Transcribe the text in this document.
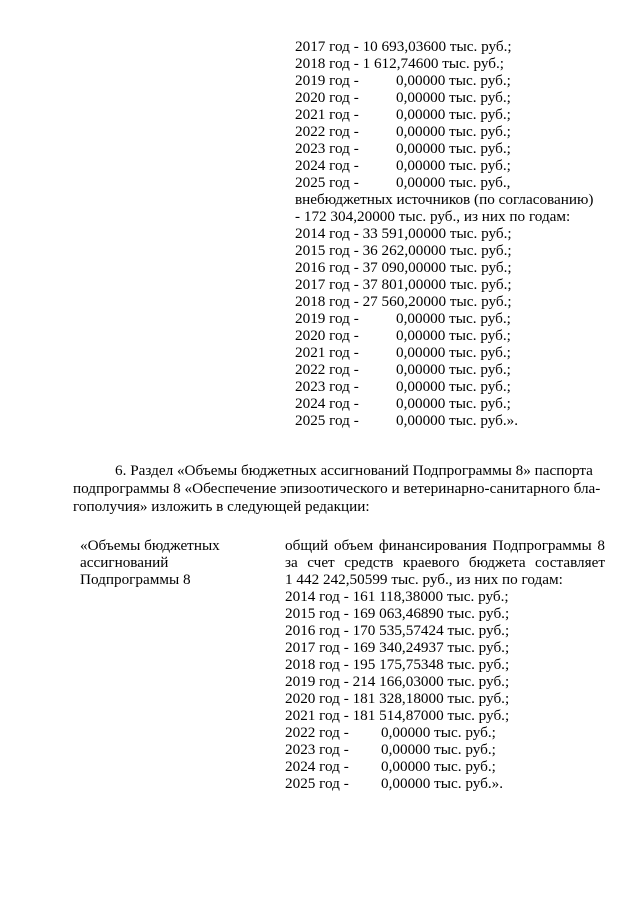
2017 год - 10 693,03600 тыс. руб.;
2018 год - 1 612,74600 тыс. руб.;
2019 год - 0,00000 тыс. руб.;
2020 год - 0,00000 тыс. руб.;
2021 год - 0,00000 тыс. руб.;
2022 год - 0,00000 тыс. руб.;
2023 год - 0,00000 тыс. руб.;
2024 год - 0,00000 тыс. руб.;
2025 год - 0,00000 тыс. руб.,
внебюджетных источников (по согласованию)
- 172 304,20000 тыс. руб., из них по годам:
2014 год - 33 591,00000 тыс. руб.;
2015 год - 36 262,00000 тыс. руб.;
2016 год - 37 090,00000 тыс. руб.;
2017 год - 37 801,00000 тыс. руб.;
2018 год - 27 560,20000 тыс. руб.;
2019 год - 0,00000 тыс. руб.;
2020 год - 0,00000 тыс. руб.;
2021 год - 0,00000 тыс. руб.;
2022 год - 0,00000 тыс. руб.;
2023 год - 0,00000 тыс. руб.;
2024 год - 0,00000 тыс. руб.;
2025 год - 0,00000 тыс. руб.».

6. Раздел «Объемы бюджетных ассигнований Подпрограммы 8» паспорта

подпрограммы 8 «Обеспечение эпизоотического и ветеринарно-санитарного бла-

гополучия» изложить в следующей редакции:

«Объемы бюджетных
ассигнований
Подпрограммы 8
общий объем финансирования Подпрограммы 8
за счет средств краевого бюджета составляет
1 442 242,50599 тыс. руб., из них по годам:
2014 год - 161 118,38000 тыс. руб.;
2015 год - 169 063,46890 тыс. руб.;
2016 год - 170 535,57424 тыс. руб.;
2017 год - 169 340,24937 тыс. руб.;
2018 год - 195 175,75348 тыс. руб.;
2019 год - 214 166,03000 тыс. руб.;
2020 год - 181 328,18000 тыс. руб.;
2021 год - 181 514,87000 тыс. руб.;
2022 год - 0,00000 тыс. руб.;
2023 год - 0,00000 тыс. руб.;
2024 год - 0,00000 тыс. руб.;
2025 год - 0,00000 тыс. руб.».
